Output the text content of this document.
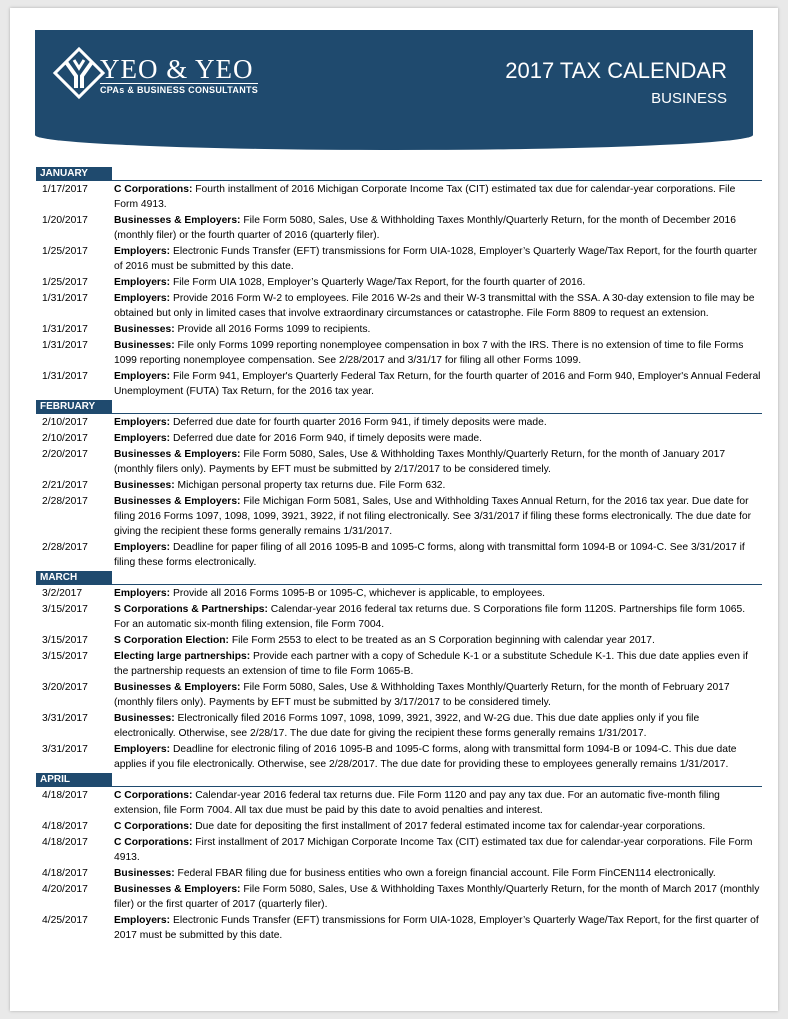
YEO & YEO
CPAs & BUSINESS CONSULTANTS
2017 TAX CALENDAR
BUSINESS
JANUARY
1/17/2017	C Corporations: Fourth installment of 2016 Michigan Corporate Income Tax (CIT) estimated tax due for calendar-year corporations. File Form 4913.
1/20/2017	Businesses & Employers: File Form 5080, Sales, Use & Withholding Taxes Monthly/Quarterly Return, for the month of December 2016 (monthly filer) or the fourth quarter of 2016 (quarterly filer).
1/25/2017	Employers: Electronic Funds Transfer (EFT) transmissions for Form UIA-1028, Employer’s Quarterly Wage/Tax Report, for the fourth quarter of 2016 must be submitted by this date.
1/25/2017	Employers: File Form UIA 1028, Employer’s Quarterly Wage/Tax Report, for the fourth quarter of 2016.
1/31/2017	Employers: Provide 2016 Form W-2 to employees. File 2016 W-2s and their W-3 transmittal with the SSA. A 30-day extension to file may be obtained but only in limited cases that involve extraordinary circumstances or catastrophe. File Form 8809 to request an extension.
1/31/2017	Businesses: Provide all 2016 Forms 1099 to recipients.
1/31/2017	Businesses: File only Forms 1099 reporting nonemployee compensation in box 7 with the IRS. There is no extension of time to file Forms 1099 reporting nonemployee compensation. See 2/28/2017 and 3/31/17 for filing all other Forms 1099.
1/31/2017	Employers: File Form 941, Employer's Quarterly Federal Tax Return, for the fourth quarter of 2016 and Form 940, Employer's Annual Federal Unemployment (FUTA) Tax Return, for the 2016 tax year.
FEBRUARY
2/10/2017	Employers: Deferred due date for fourth quarter 2016 Form 941, if timely deposits were made.
2/10/2017	Employers: Deferred due date for 2016 Form 940, if timely deposits were made.
2/20/2017	Businesses & Employers: File Form 5080, Sales, Use & Withholding Taxes Monthly/Quarterly Return, for the month of January 2017 (monthly filers only). Payments by EFT must be submitted by 2/17/2017 to be considered timely.
2/21/2017	Businesses: Michigan personal property tax returns due. File Form 632.
2/28/2017	Businesses & Employers: File Michigan Form 5081, Sales, Use and Withholding Taxes Annual Return, for the 2016 tax year. Due date for filing 2016 Forms 1097, 1098, 1099, 3921, 3922, if not filing electronically. See 3/31/2017 if filing these forms electronically. The due date for giving the recipient these forms generally remains 1/31/2017.
2/28/2017	Employers: Deadline for paper filing of all 2016 1095-B and 1095-C forms, along with transmittal form 1094-B or 1094-C. See 3/31/2017 if filing these forms electronically.
MARCH
3/2/2017	Employers: Provide all 2016 Forms 1095-B or 1095-C, whichever is applicable, to employees.
3/15/2017	S Corporations & Partnerships: Calendar-year 2016 federal tax returns due. S Corporations file form 1120S. Partnerships file form 1065. For an automatic six-month filing extension, file Form 7004.
3/15/2017	S Corporation Election: File Form 2553 to elect to be treated as an S Corporation beginning with calendar year 2017.
3/15/2017	Electing large partnerships: Provide each partner with a copy of Schedule K-1 or a substitute Schedule K-1. This due date applies even if the partnership requests an extension of time to file Form 1065-B.
3/20/2017	Businesses & Employers: File Form 5080, Sales, Use & Withholding Taxes Monthly/Quarterly Return, for the month of February 2017 (monthly filers only). Payments by EFT must be submitted by 3/17/2017 to be considered timely.
3/31/2017	Businesses: Electronically filed 2016 Forms 1097, 1098, 1099, 3921, 3922, and W-2G due. This due date applies only if you file electronically. Otherwise, see 2/28/17. The due date for giving the recipient these forms generally remains 1/31/2017.
3/31/2017	Employers: Deadline for electronic filing of 2016 1095-B and 1095-C forms, along with transmittal form 1094-B or 1094-C. This due date applies if you file electronically. Otherwise, see 2/28/2017. The due date for providing these to employees generally remains 1/31/2017.
APRIL
4/18/2017	C Corporations: Calendar-year 2016 federal tax returns due. File Form 1120 and pay any tax due. For an automatic five-month filing extension, file Form 7004. All tax due must be paid by this date to avoid penalties and interest.
4/18/2017	C Corporations: Due date for depositing the first installment of 2017 federal estimated income tax for calendar-year corporations.
4/18/2017	C Corporations: First installment of 2017 Michigan Corporate Income Tax (CIT) estimated tax due for calendar-year corporations. File Form 4913.
4/18/2017	Businesses: Federal FBAR filing due for business entities who own a foreign financial account. File Form FinCEN114 electronically.
4/20/2017	Businesses & Employers: File Form 5080, Sales, Use & Withholding Taxes Monthly/Quarterly Return, for the month of March 2017 (monthly filer) or the first quarter of 2017 (quarterly filer).
4/25/2017	Employers: Electronic Funds Transfer (EFT) transmissions for Form UIA-1028, Employer’s Quarterly Wage/Tax Report, for the first quarter of 2017 must be submitted by this date.
